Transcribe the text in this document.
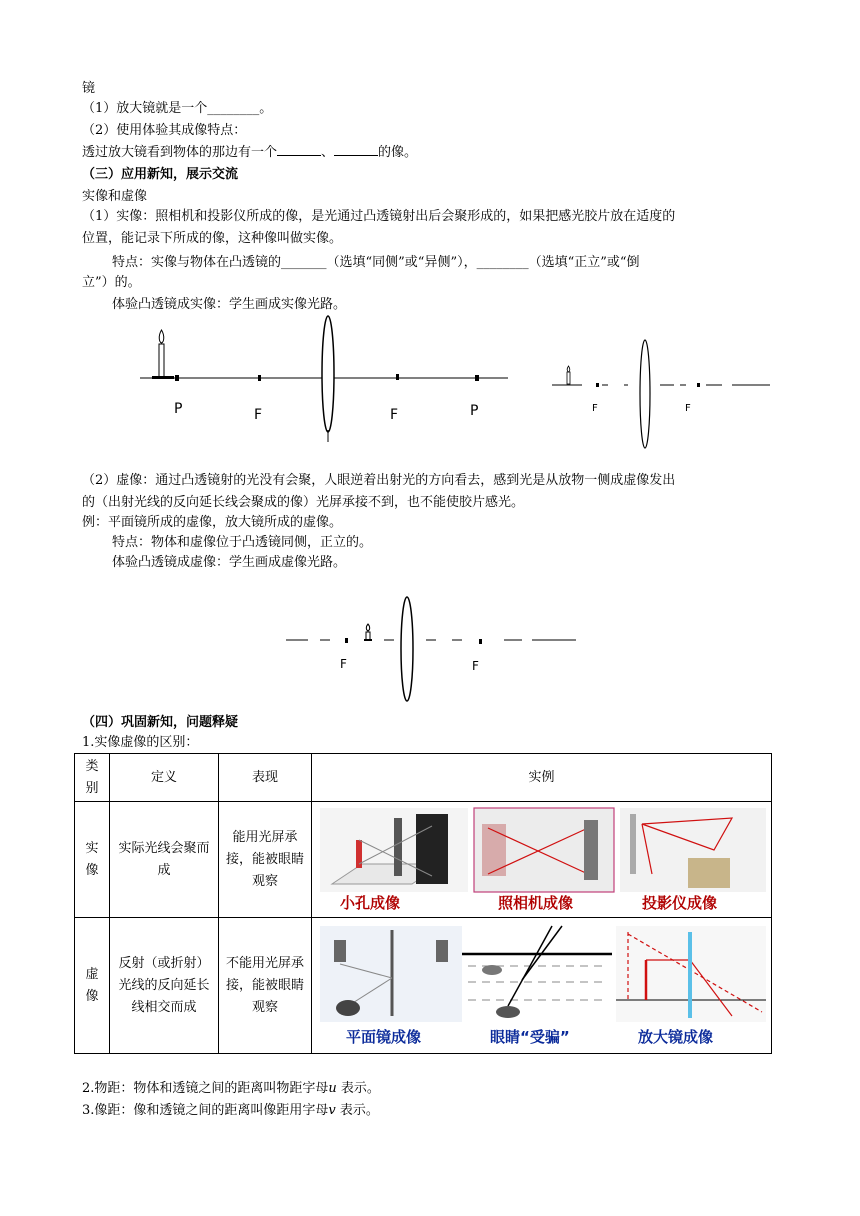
镜
（1）放大镜就是一个________。
（2）使用体验其成像特点：
透过放大镜看到物体的那边有一个	、	的像。
（三）应用新知，展示交流
实像和虚像
（1）实像：照相机和投影仪所成的像，是光通过凸透镜射出后会聚形成的，如果把感光胶片放在适度的
位置，能记录下所成的像，这种像叫做实像。
特点：实像与物体在凸透镜的_______（选填“同侧”或“异侧”），________（选填“正立”或“倒
立”）的。
体验凸透镜成实像：学生画成实像光路。
P	F	F	P	F	F
（2）虚像：通过凸透镜射的光没有会聚，人眼逆着出射光的方向看去，感到光是从放物一侧成虚像发出
的（出射光线的反向延长线会聚成的像）光屏承接不到，也不能使胶片感光。
例：平面镜所成的虚像，放大镜所成的虚像。
特点：物体和虚像位于凸透镜同侧，正立的。
体验凸透镜成虚像：学生画成虚像光路。
F	F
（四）巩固新知，问题释疑
1.实像虚像的区别：
类别	定义	表现	实例
实像	实际光线会聚而成	能用光屏承接，能被眼睛观察	小孔成像 照相机成像 投影仪成像

虚像	反射（或折射）光线的反向延长线相交而成	不能用光屏承接，能被眼睛观察	平面镜成像 眼睛“受骗” 放大镜成像
2.物距：物体和透镜之间的距离叫物距字母u 表示。
3.像距：像和透镜之间的距离叫像距用字母v 表示。
